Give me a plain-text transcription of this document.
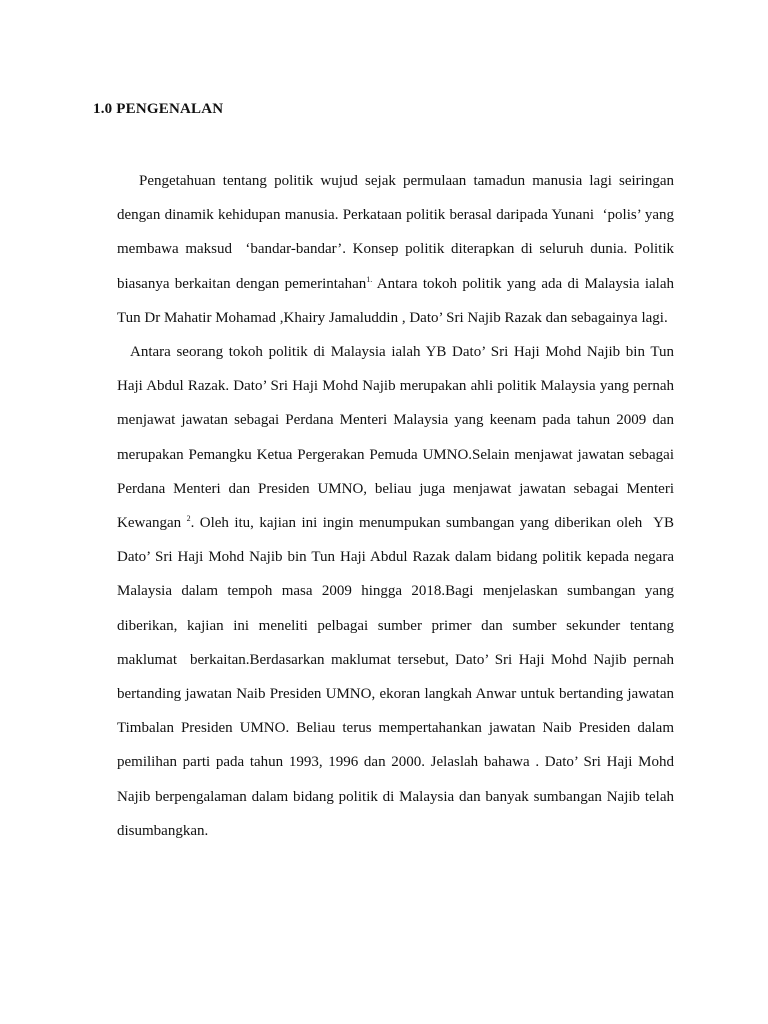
1.0 PENGENALAN

Pengetahuan tentang politik wujud sejak permulaan tamadun manusia lagi seiringan dengan dinamik kehidupan manusia. Perkataan politik berasal daripada Yunani  ‘polis’ yang membawa maksud  ‘bandar-bandar’. Konsep politik diterapkan di seluruh dunia. Politik biasanya berkaitan dengan pemerintahan$^{1.}$ Antara tokoh politik yang ada di Malaysia ialah Tun Dr Mahatir Mohamad ,Khairy Jamaluddin , Dato’ Sri Najib Razak dan sebagainya lagi.

Antara seorang tokoh politik di Malaysia ialah YB Dato’ Sri Haji Mohd Najib bin Tun Haji Abdul Razak. Dato’ Sri Haji Mohd Najib merupakan ahli politik Malaysia yang pernah menjawat jawatan sebagai Perdana Menteri Malaysia yang keenam pada tahun 2009 dan merupakan Pemangku Ketua Pergerakan Pemuda UMNO.Selain menjawat jawatan sebagai Perdana Menteri dan Presiden UMNO, beliau juga menjawat jawatan sebagai Menteri Kewangan $^2$. Oleh itu, kajian ini ingin menumpukan sumbangan yang diberikan oleh  YB Dato’ Sri Haji Mohd Najib bin Tun Haji Abdul Razak dalam bidang politik kepada negara Malaysia dalam tempoh masa 2009 hingga 2018.Bagi menjelaskan sumbangan yang diberikan, kajian ini meneliti pelbagai sumber primer dan sumber sekunder tentang maklumat  berkaitan.Berdasarkan maklumat tersebut, Dato’ Sri Haji Mohd Najib pernah bertanding jawatan Naib Presiden UMNO, ekoran langkah Anwar untuk bertanding jawatan Timbalan Presiden UMNO. Beliau terus mempertahankan jawatan Naib Presiden dalam pemilihan parti pada tahun 1993, 1996 dan 2000. Jelaslah bahawa . Dato’ Sri Haji Mohd Najib berpengalaman dalam bidang politik di Malaysia dan banyak sumbangan Najib telah disumbangkan.
